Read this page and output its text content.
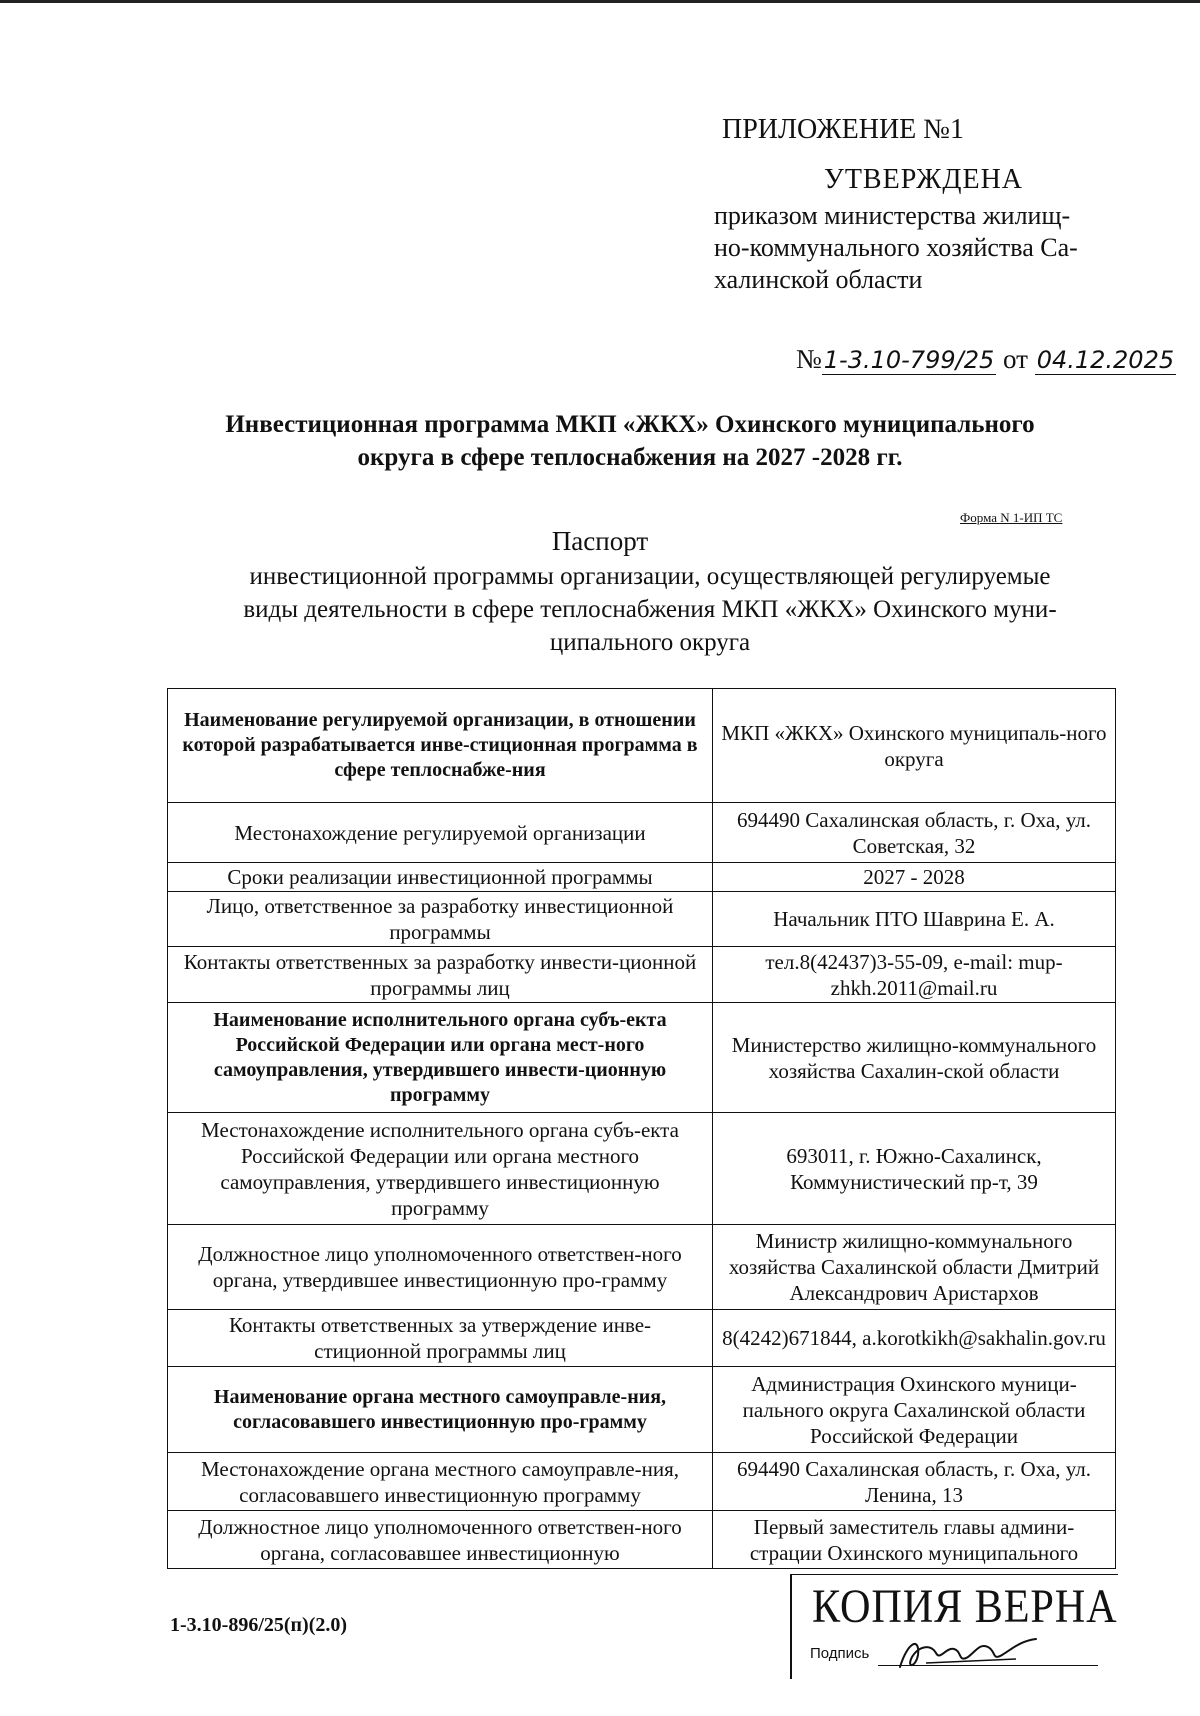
ПРИЛОЖЕНИЕ №1
УТВЕРЖДЕНА
приказом министерства жилищ-
но-коммунального хозяйства Са-
халинской области
№1-3.10-799/25 от 04.12.2025
Инвестиционная программа МКП «ЖКХ» Охинского муниципального
округа в сфере теплоснабжения на 2027 -2028 гг.
Форма N 1-ИП ТС
Паспорт
инвестиционной программы организации, осуществляющей регулируемые
виды деятельности в сфере теплоснабжения МКП «ЖКХ» Охинского муни-
ципального округа
Наименование регулируемой организации, в отношении которой разрабатывается инве-стиционная программа в сфере теплоснабже-ния	МКП «ЖКХ» Охинского муниципаль-ного округа
Местонахождение регулируемой организации	694490 Сахалинская область, г. Оха, ул. Советская, 32
Сроки реализации инвестиционной программы	2027 - 2028
Лицо, ответственное за разработку инвестиционной программы	Начальник ПТО Шаврина Е. А.
Контакты ответственных за разработку инвести-ционной программы лиц	тел.8(42437)3-55-09, e-mail: mup-zhkh.2011@mail.ru
Наименование исполнительного органа субъ-екта Российской Федерации или органа мест-ного самоуправления, утвердившего инвести-ционную программу	Министерство жилищно-коммунального хозяйства Сахалин-ской области
Местонахождение исполнительного органа субъ-екта Российской Федерации или органа местного самоуправления, утвердившего инвестиционную программу	693011, г. Южно-Сахалинск, Коммунистический пр-т, 39
Должностное лицо уполномоченного ответствен-ного органа, утвердившее инвестиционную про-грамму	Министр жилищно-коммунального хозяйства Сахалинской области Дмитрий Александрович Аристархов
Контакты ответственных за утверждение инве-стиционной программы лиц	8(4242)671844, a.korotkikh@sakhalin.gov.ru
Наименование органа местного самоуправле-ния, согласовавшего инвестиционную про-грамму	Администрация Охинского муници-пального округа Сахалинской области Российской Федерации
Местонахождение органа местного самоуправле-ния, согласовавшего инвестиционную программу	694490 Сахалинская область, г. Оха, ул. Ленина, 13
Должностное лицо уполномоченного ответствен-ного органа, согласовавшее инвестиционную	Первый заместитель главы админи-страции Охинского муниципального
1-3.10-896/25(п)(2.0)	КОПИЯ ВЕРНА
Подпись
